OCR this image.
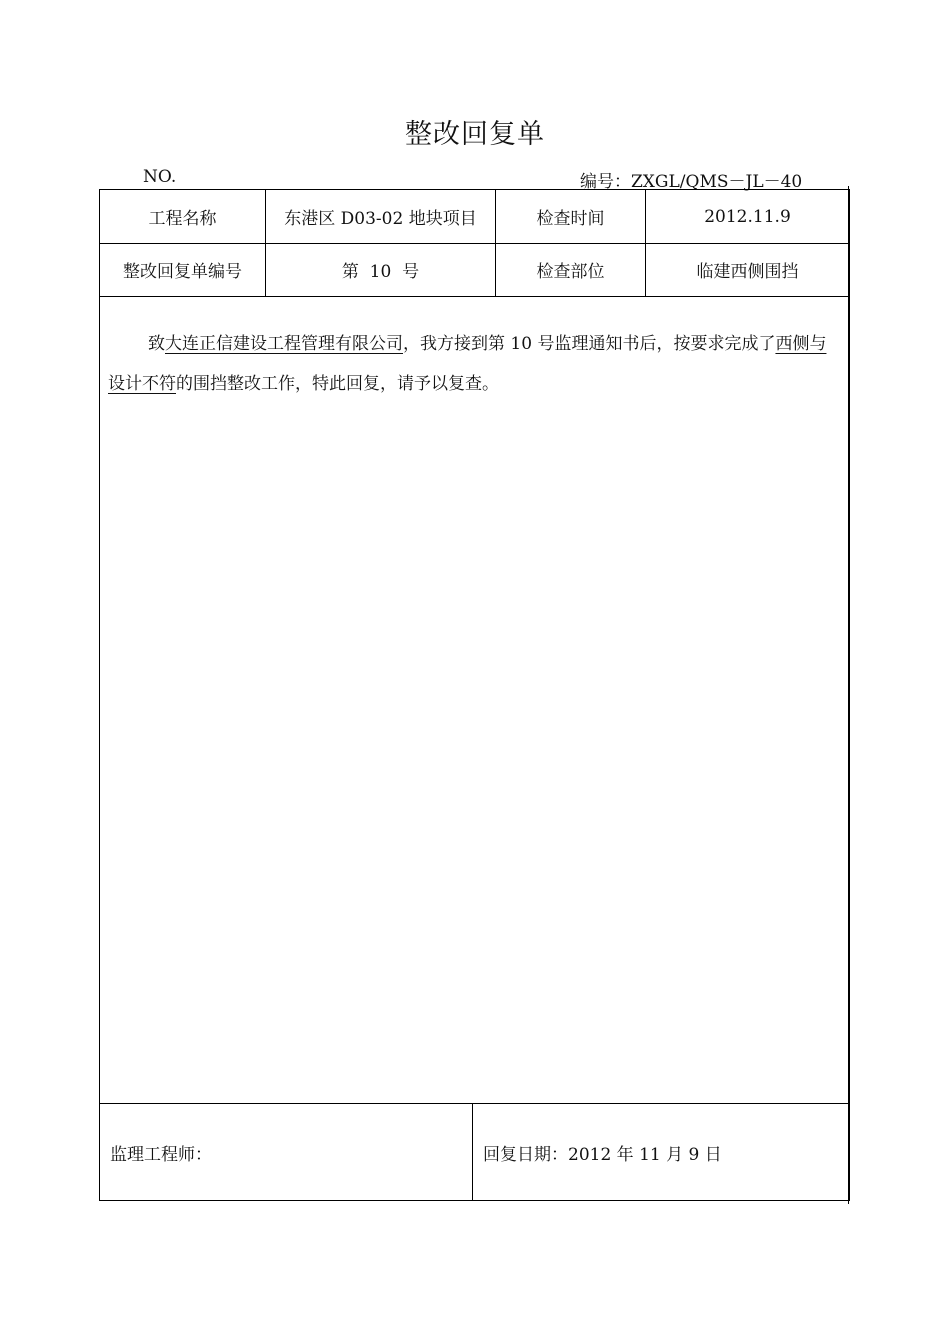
整改回复单
NO.	编号：ZXGL/QMS－JL－40
工程名称	东港区 D03-02 地块项目	检查时间	2012.11.9
整改回复单编号	第  10  号	检查部位	临建西侧围挡
致大连正信建设工程管理有限公司，我方接到第 10 号监理通知书后，按要求完成了西侧与设计不符的围挡整改工作，特此回复，请予以复查。
监理工程师：	回复日期：2012 年 11 月 9 日
